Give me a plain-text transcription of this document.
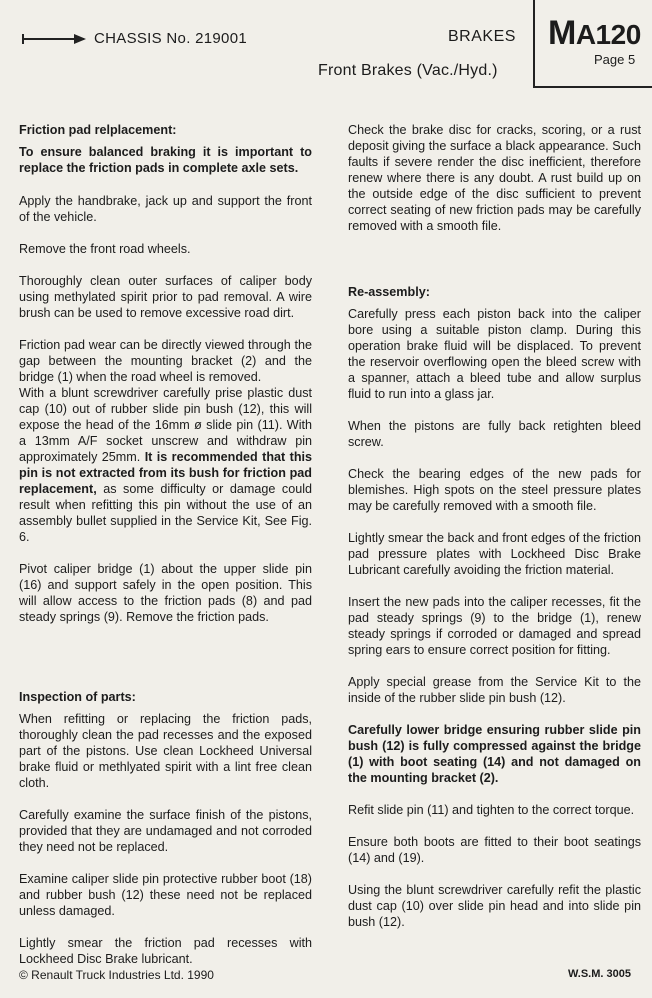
CHASSIS No. 219001	BRAKES MA120
Page 5
Front Brakes (Vac./Hyd.)

Friction pad relplacement:

To ensure balanced braking it is important to replace the friction pads in complete axle sets.

Apply the handbrake, jack up and support the front of the vehicle.

Remove the front road wheels.

Thoroughly clean outer surfaces of caliper body using methylated spirit prior to pad removal. A wire brush can be used to remove excessive road dirt.

Friction pad wear can be directly viewed through the gap between the mounting bracket (2) and the bridge (1) when the road wheel is removed.

With a blunt screwdriver carefully prise plastic dust cap (10) out of rubber slide pin bush (12), this will expose the head of the 16mm ø slide pin (11). With a 13mm A/F socket unscrew and withdraw pin approximately 25mm. It is recommended that this pin is not extracted from its bush for friction pad replacement, as some difficulty or damage could result when refitting this pin without the use of an assembly bullet supplied in the Service Kit, See Fig. 6.

Pivot caliper bridge (1) about the upper slide pin (16) and support safely in the open position. This will allow access to the friction pads (8) and pad steady springs (9). Remove the friction pads.

Inspection of parts:

When refitting or replacing the friction pads, thoroughly clean the pad recesses and the exposed part of the pistons. Use clean Lockheed Universal brake fluid or methlyated spirit with a lint free clean cloth.

Carefully examine the surface finish of the pistons, provided that they are undamaged and not corroded they need not be replaced.

Examine caliper slide pin protective rubber boot (18) and rubber bush (12) these need not be replaced unless damaged.

Lightly smear the friction pad recesses with Lockheed Disc Brake lubricant.

Check the brake disc for cracks, scoring, or a rust deposit giving the surface a black appearance. Such faults if severe render the disc inefficient, therefore renew where there is any doubt. A rust build up on the outside edge of the disc sufficient to prevent correct seating of new friction pads may be carefully removed with a smooth file.

Re-assembly:

Carefully press each piston back into the caliper bore using a suitable piston clamp. During this operation brake fluid will be displaced. To prevent the reservoir overflowing open the bleed screw with a spanner, attach a bleed tube and allow surplus fluid to run into a glass jar.

When the pistons are fully back retighten bleed screw.

Check the bearing edges of the new pads for blemishes. High spots on the steel pressure plates may be carefully removed with a smooth file.

Lightly smear the back and front edges of the friction pad pressure plates with Lockheed Disc Brake Lubricant carefully avoiding the friction material.

Insert the new pads into the caliper recesses, fit the pad steady springs (9) to the bridge (1), renew steady springs if corroded or damaged and spread spring ears to ensure correct position for fitting.

Apply special grease from the Service Kit to the inside of the rubber slide pin bush (12).

Carefully lower bridge ensuring rubber slide pin bush (12) is fully compressed against the bridge (1) with boot seating (14) and not damaged on the mounting bracket (2).

Refit slide pin (11) and tighten to the correct torque.

Ensure both boots are fitted to their boot seatings (14) and (19).

Using the blunt screwdriver carefully refit the plastic dust cap (10) over slide pin head and into slide pin bush (12).

© Renault Truck Industries Ltd. 1990	W.S.M. 3005
